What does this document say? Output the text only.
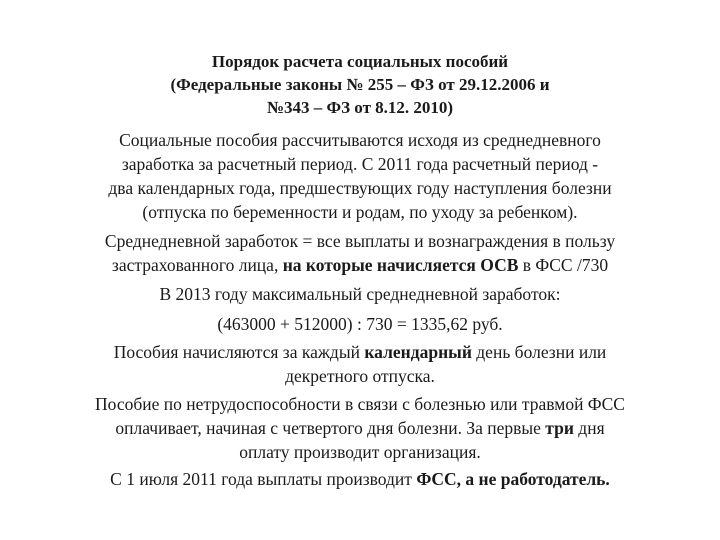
Порядок расчета социальных пособий
(Федеральные законы № 255 – ФЗ от 29.12.2006 и
№343 – ФЗ от 8.12. 2010)
Социальные пособия рассчитываются исходя из среднедневного
заработка за расчетный период. С 2011 года расчетный период -
два календарных года, предшествующих году наступления болезни
(отпуска по беременности и родам, по уходу за ребенком).
Среднедневной заработок = все выплаты и вознаграждения в пользу
застрахованного лица, на которые начисляется ОСВ в ФСС /730
В 2013 году максимальный среднедневной заработок:
(463000 + 512000) : 730 = 1335,62 руб.
Пособия начисляются за каждый календарный день болезни или
декретного отпуска.
Пособие по нетрудоспособности в связи с болезнью или травмой ФСС
оплачивает, начиная с четвертого дня болезни. За первые три дня
оплату производит организация.
С 1 июля 2011 года выплаты производит ФСС, а не работодатель.
